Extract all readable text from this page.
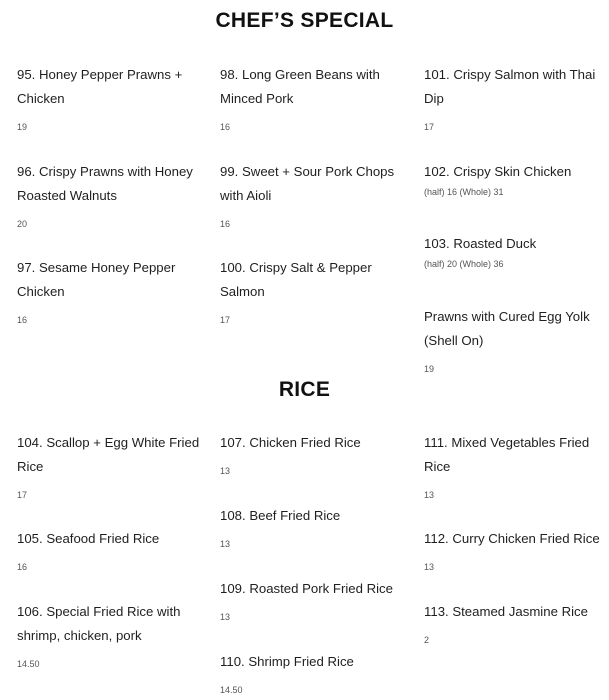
CHEF’S SPECIAL
95. Honey Pepper Prawns + Chicken
19
96. Crispy Prawns with Honey Roasted Walnuts
20
97. Sesame Honey Pepper Chicken
16
98. Long Green Beans with Minced Pork
16
99. Sweet + Sour Pork Chops with Aioli
16
100. Crispy Salt & Pepper Salmon
17
101. Crispy Salmon with Thai Dip
17
102. Crispy Skin Chicken
(half) 16 (Whole) 31
103. Roasted Duck
(half) 20 (Whole) 36
Prawns with Cured Egg Yolk (Shell On)
19
RICE
104. Scallop + Egg White Fried Rice
17
105. Seafood Fried Rice
16
106. Special Fried Rice with shrimp, chicken, pork
14.50
107. Chicken Fried Rice
13
108. Beef Fried Rice
13
109. Roasted Pork Fried Rice
13
110. Shrimp Fried Rice
14.50
111. Mixed Vegetables Fried Rice
13
112. Curry Chicken Fried Rice
13
113. Steamed Jasmine Rice
2
